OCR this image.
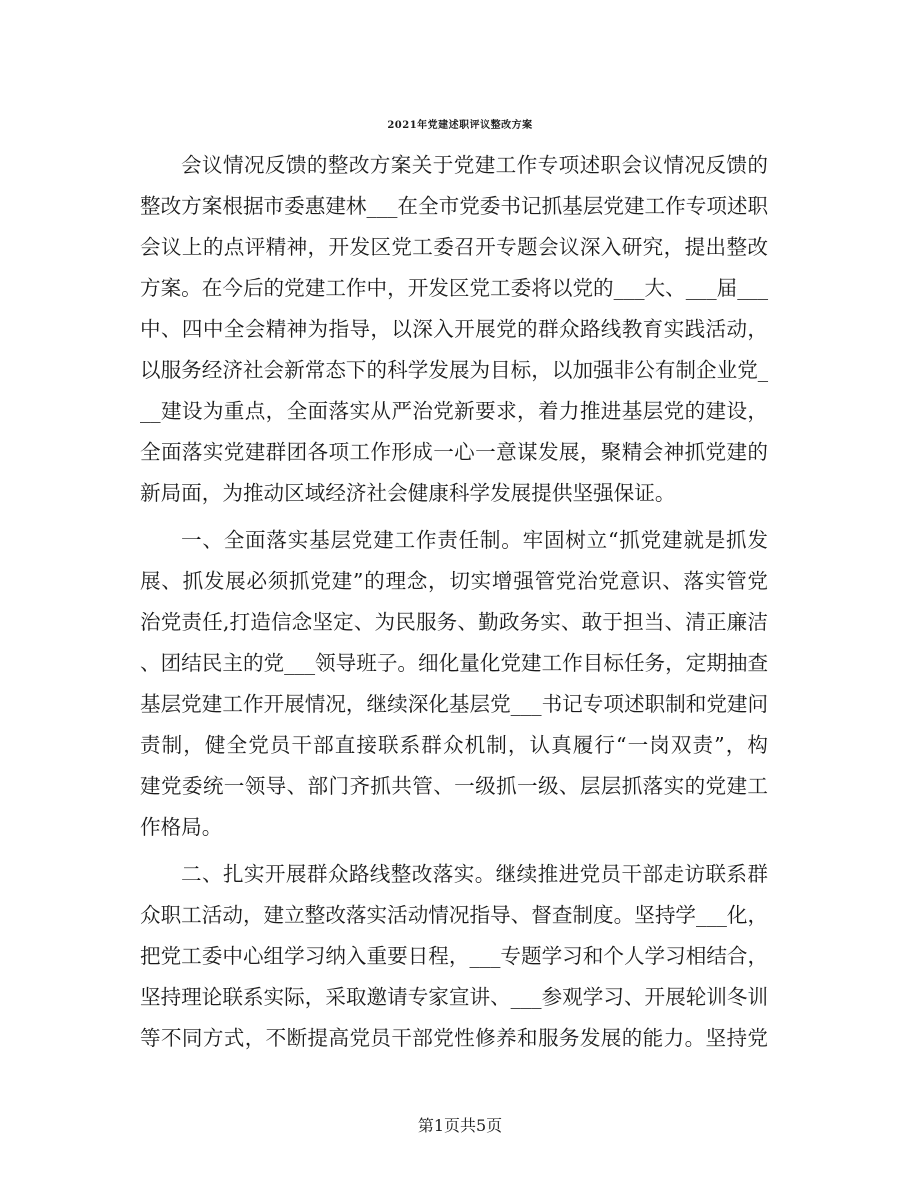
2021年党建述职评议整改方案
会议情况反馈的整改方案关于党建工作专项述职会议情况反馈的
整改方案根据市委惠建林___在全市党委书记抓基层党建工作专项述职
会议上的点评精神，开发区党工委召开专题会议深入研究，提出整改
方案。在今后的党建工作中，开发区党工委将以党的___大、___届___
中、四中全会精神为指导，以深入开展党的群众路线教育实践活动，
以服务经济社会新常态下的科学发展为目标，以加强非公有制企业党_
__建设为重点，全面落实从严治党新要求，着力推进基层党的建设，
全面落实党建群团各项工作形成一心一意谋发展，聚精会神抓党建的
新局面，为推动区域经济社会健康科学发展提供坚强保证。
一、全面落实基层党建工作责任制。牢固树立“抓党建就是抓发
展、抓发展必须抓党建”的理念，切实增强管党治党意识、落实管党
治党责任,打造信念坚定、为民服务、勤政务实、敢于担当、清正廉洁
、团结民主的党___领导班子。细化量化党建工作目标任务，定期抽查
基层党建工作开展情况，继续深化基层党___书记专项述职制和党建问
责制，健全党员干部直接联系群众机制，认真履行“一岗双责”，构
建党委统一领导、部门齐抓共管、一级抓一级、层层抓落实的党建工
作格局。
二、扎实开展群众路线整改落实。继续推进党员干部走访联系群
众职工活动，建立整改落实活动情况指导、督查制度。坚持学___化，
把党工委中心组学习纳入重要日程，___专题学习和个人学习相结合，
坚持理论联系实际，采取邀请专家宣讲、___参观学习、开展轮训冬训
等不同方式，不断提高党员干部党性修养和服务发展的能力。坚持党
第1页共5页
